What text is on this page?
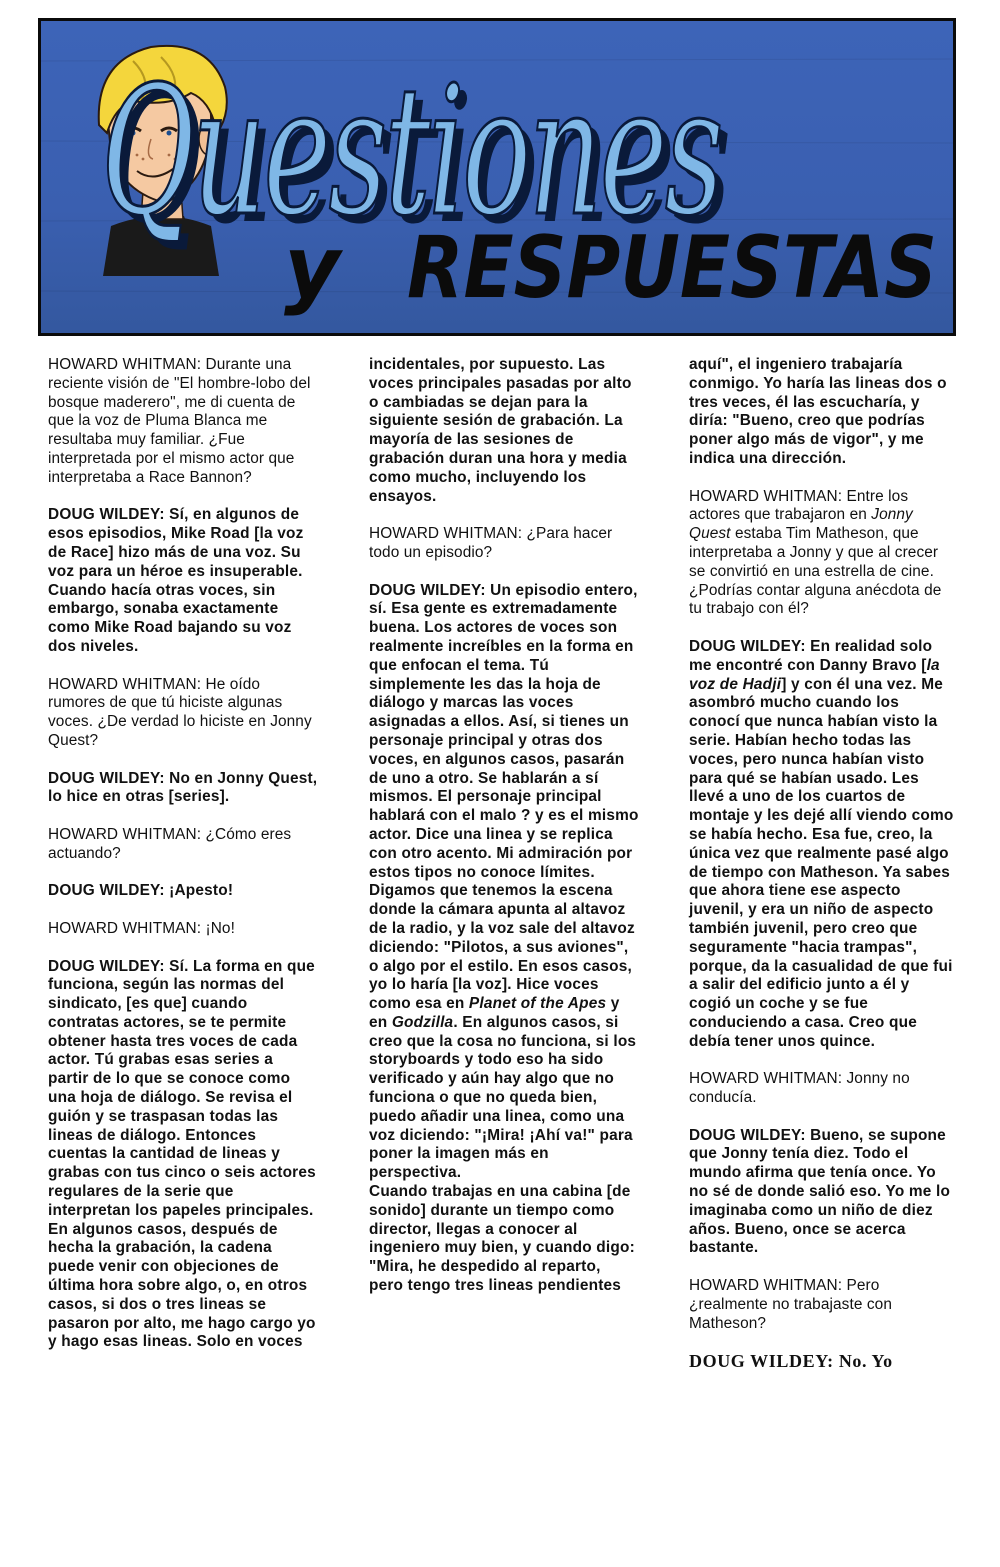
Questiones
Questiones
y RESPUESTAS

HOWARD WHITMAN: Durante una reciente visión de "El hombre-lobo del bosque maderero", me di cuenta de que la voz de Pluma Blanca me resultaba muy familiar. ¿Fue interpretada por el mismo actor que interpretaba a Race Bannon?

DOUG WILDEY: Sí, en algunos de esos episodios, Mike Road [la voz de Race] hizo más de una voz. Su voz para un héroe es insuperable. Cuando hacía otras voces, sin embargo, sonaba exactamente como Mike Road bajando su voz dos niveles.

HOWARD WHITMAN: He oído rumores de que tú hiciste algunas voces. ¿De verdad lo hiciste en Jonny Quest?

DOUG WILDEY: No en Jonny Quest, lo hice en otras [series].

HOWARD WHITMAN: ¿Cómo eres actuando?

DOUG WILDEY: ¡Apesto!

HOWARD WHITMAN: ¡No!

DOUG WILDEY: Sí. La forma en que funciona, según las normas del sindicato, [es que] cuando contratas actores, se te permite obtener hasta tres voces de cada actor. Tú grabas esas series a partir de lo que se conoce como una hoja de diálogo. Se revisa el guión y se traspasan todas las lineas de diálogo. Entonces cuentas la cantidad de lineas y grabas con tus cinco o seis actores regulares de la serie que interpretan los papeles principales. En algunos casos, después de hecha la grabación, la cadena puede venir con objeciones de última hora sobre algo, o, en otros casos, si dos o tres lineas se pasaron por alto, me hago cargo yo y hago esas lineas. Solo en voces

incidentales, por supuesto. Las voces principales pasadas por alto o cambiadas se dejan para la siguiente sesión de grabación. La mayoría de las sesiones de grabación duran una hora y media como mucho, incluyendo los ensayos.

HOWARD WHITMAN: ¿Para hacer todo un episodio?

DOUG WILDEY: Un episodio entero, sí. Esa gente es extremadamente buena. Los actores de voces son realmente increíbles en la forma en que enfocan el tema. Tú simplemente les das la hoja de diálogo y marcas las voces asignadas a ellos. Así, si tienes un personaje principal y otras dos voces, en algunos casos, pasarán de uno a otro. Se hablarán a sí mismos. El personaje principal hablará con el malo ? y es el mismo actor. Dice una linea y se replica con otro acento. Mi admiración por estos tipos no conoce límites.

Digamos que tenemos la escena donde la cámara apunta al altavoz de la radio, y la voz sale del altavoz diciendo: "Pilotos, a sus aviones", o algo por el estilo. En esos casos, yo lo haría [la voz]. Hice voces como esa en Planet of the Apes y en Godzilla. En algunos casos, si creo que la cosa no funciona, si los storyboards y todo eso ha sido verificado y aún hay algo que no funciona o que no queda bien, puedo añadir una linea, como una voz diciendo: "¡Mira! ¡Ahí va!" para poner la imagen más en perspectiva.

Cuando trabajas en una cabina [de sonido] durante un tiempo como director, llegas a conocer al ingeniero muy bien, y cuando digo: "Mira, he despedido al reparto, pero tengo tres lineas pendientes

aquí", el ingeniero trabajaría conmigo. Yo haría las lineas dos o tres veces, él las escucharía, y diría: "Bueno, creo que podrías poner algo más de vigor", y me indica una dirección.

HOWARD WHITMAN: Entre los actores que trabajaron en Jonny Quest estaba Tim Matheson, que interpretaba a Jonny y que al crecer se convirtió en una estrella de cine. ¿Podrías contar alguna anécdota de tu trabajo con él?

DOUG WILDEY: En realidad solo me encontré con Danny Bravo [la voz de Hadji] y con él una vez. Me asombró mucho cuando los conocí que nunca habían visto la serie. Habían hecho todas las voces, pero nunca habían visto para qué se habían usado. Les llevé a uno de los cuartos de montaje y les dejé allí viendo como se había hecho. Esa fue, creo, la única vez que realmente pasé algo de tiempo con Matheson. Ya sabes que ahora tiene ese aspecto juvenil, y era un niño de aspecto también juvenil, pero creo que seguramente "hacia trampas", porque, da la casualidad de que fui a salir del edificio junto a él y cogió un coche y se fue conduciendo a casa. Creo que debía tener unos quince.

HOWARD WHITMAN: Jonny no conducía.

DOUG WILDEY: Bueno, se supone que Jonny tenía diez. Todo el mundo afirma que tenía once. Yo no sé de donde salió eso. Yo me lo imaginaba como un niño de diez años. Bueno, once se acerca bastante.

HOWARD WHITMAN: Pero ¿realmente no trabajaste con Matheson?

DOUG WILDEY: No. Yo
